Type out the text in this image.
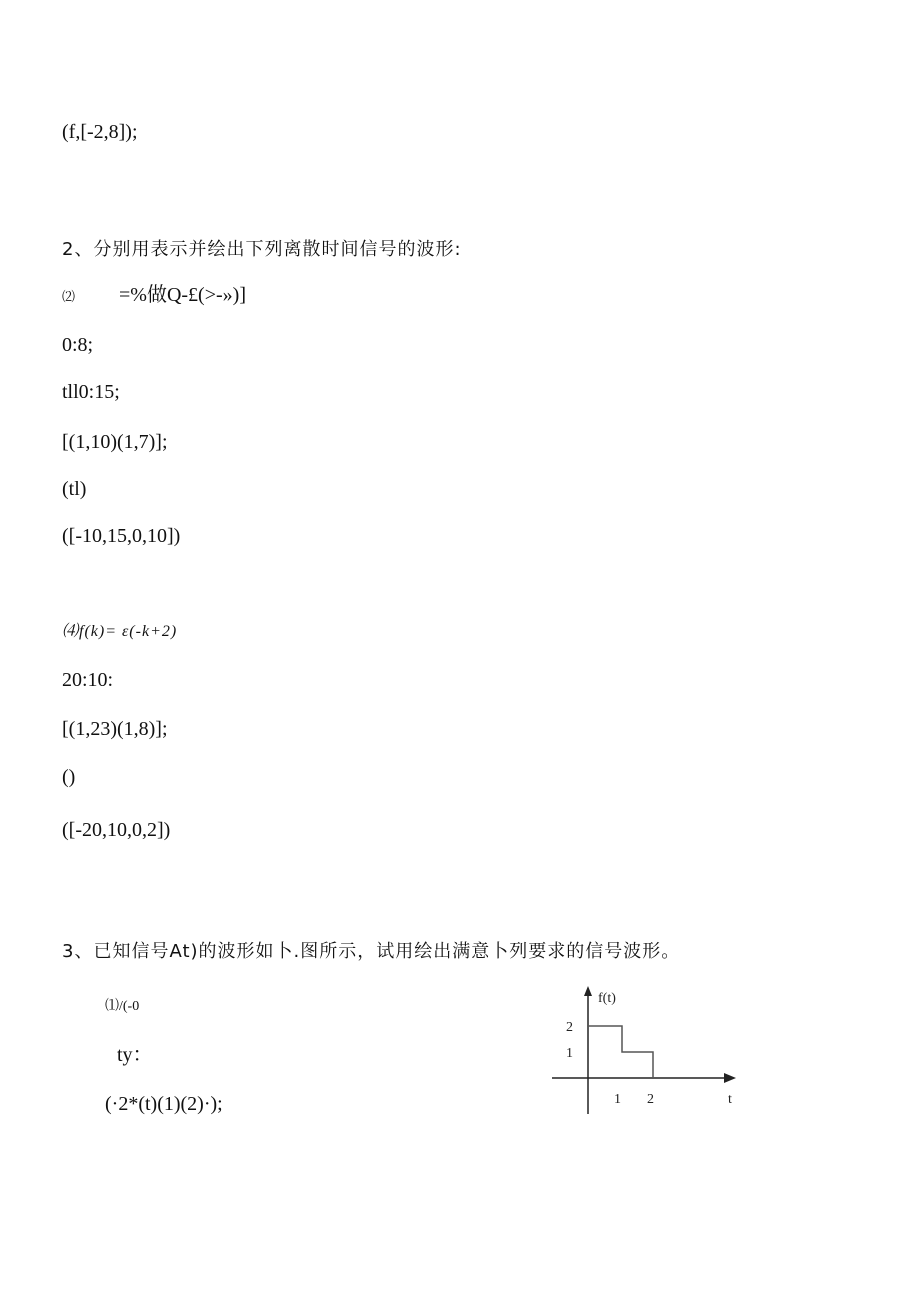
(f,[-2,8]);
2、分别用表示并绘出下列离散时间信号的波形:
⑵ =%做Q-£(>-»)]
0:8;
tll0:15;
[(1,10)(1,7)];
(tl)
([-10,15,0,10])
⑷f(k)= ε(-k+2)
20:10:
[(1,23)(1,8)];
()
([-20,10,0,2])
3、已知信号At)的波形如卜.图所示，试用绘出满意卜列要求的信号波形。
⑴/(-0
ty：
(·2*(t)(1)(2)·);
f(t)
2
1
1 2	t
